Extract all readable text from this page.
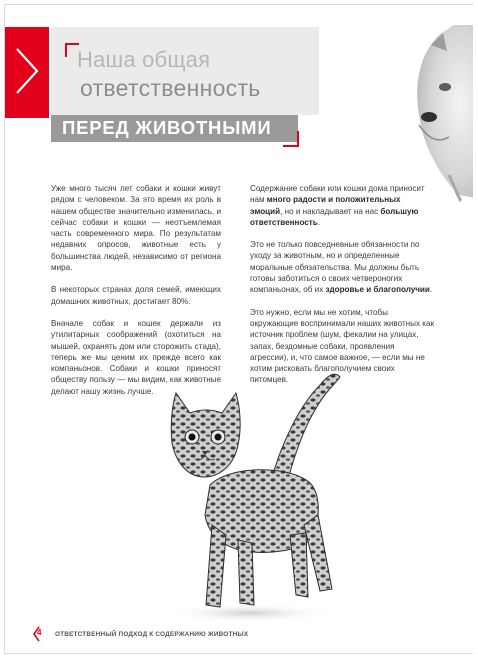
Наша общая
ответственность
ПЕРЕД ЖИВОТНЫМИ

Уже много тысяч лет собаки и кошки живут рядом с человеком. За это время их роль в нашем обществе значительно изменилась, и сейчас собаки и кошки — неотъемлемая часть современного мира. По результатам недавних опросов, животные есть у большинства людей, независимо от региона мира.

В некоторых странах доля семей, имеющих домашних животных, достигает 80%.

Вначале собак и кошек держали из утилитарных соображений (охотиться на мышей, охранять дом или сторожить стада), теперь же мы ценим их прежде всего как компаньонов. Собаки и кошки приносят обществу пользу — мы видим, как животные делают нашу жизнь лучше.

Содержание собаки или кошки дома приносит нам много радости и положительных эмоций, но и накладывает на нас большую ответственность.

Это не только повседневные обязанности по уходу за животным, но и определенные моральные обязательства. Мы должны быть готовы заботиться о своих четвероногих компаньонах, об их здоровье и благополучии.

Это нужно, если мы не хотим, чтобы окружающие воспринимали наших животных как источник проблем (шум, фекалии на улицах, запах, бездомные собаки, проявления агрессии), и, что самое важное, — если мы не хотим рисковать благополучием своих питомцев.

4 ОТВЕТСТВЕННЫЙ ПОДХОД К СОДЕРЖАНИЮ ЖИВОТНЫХ
